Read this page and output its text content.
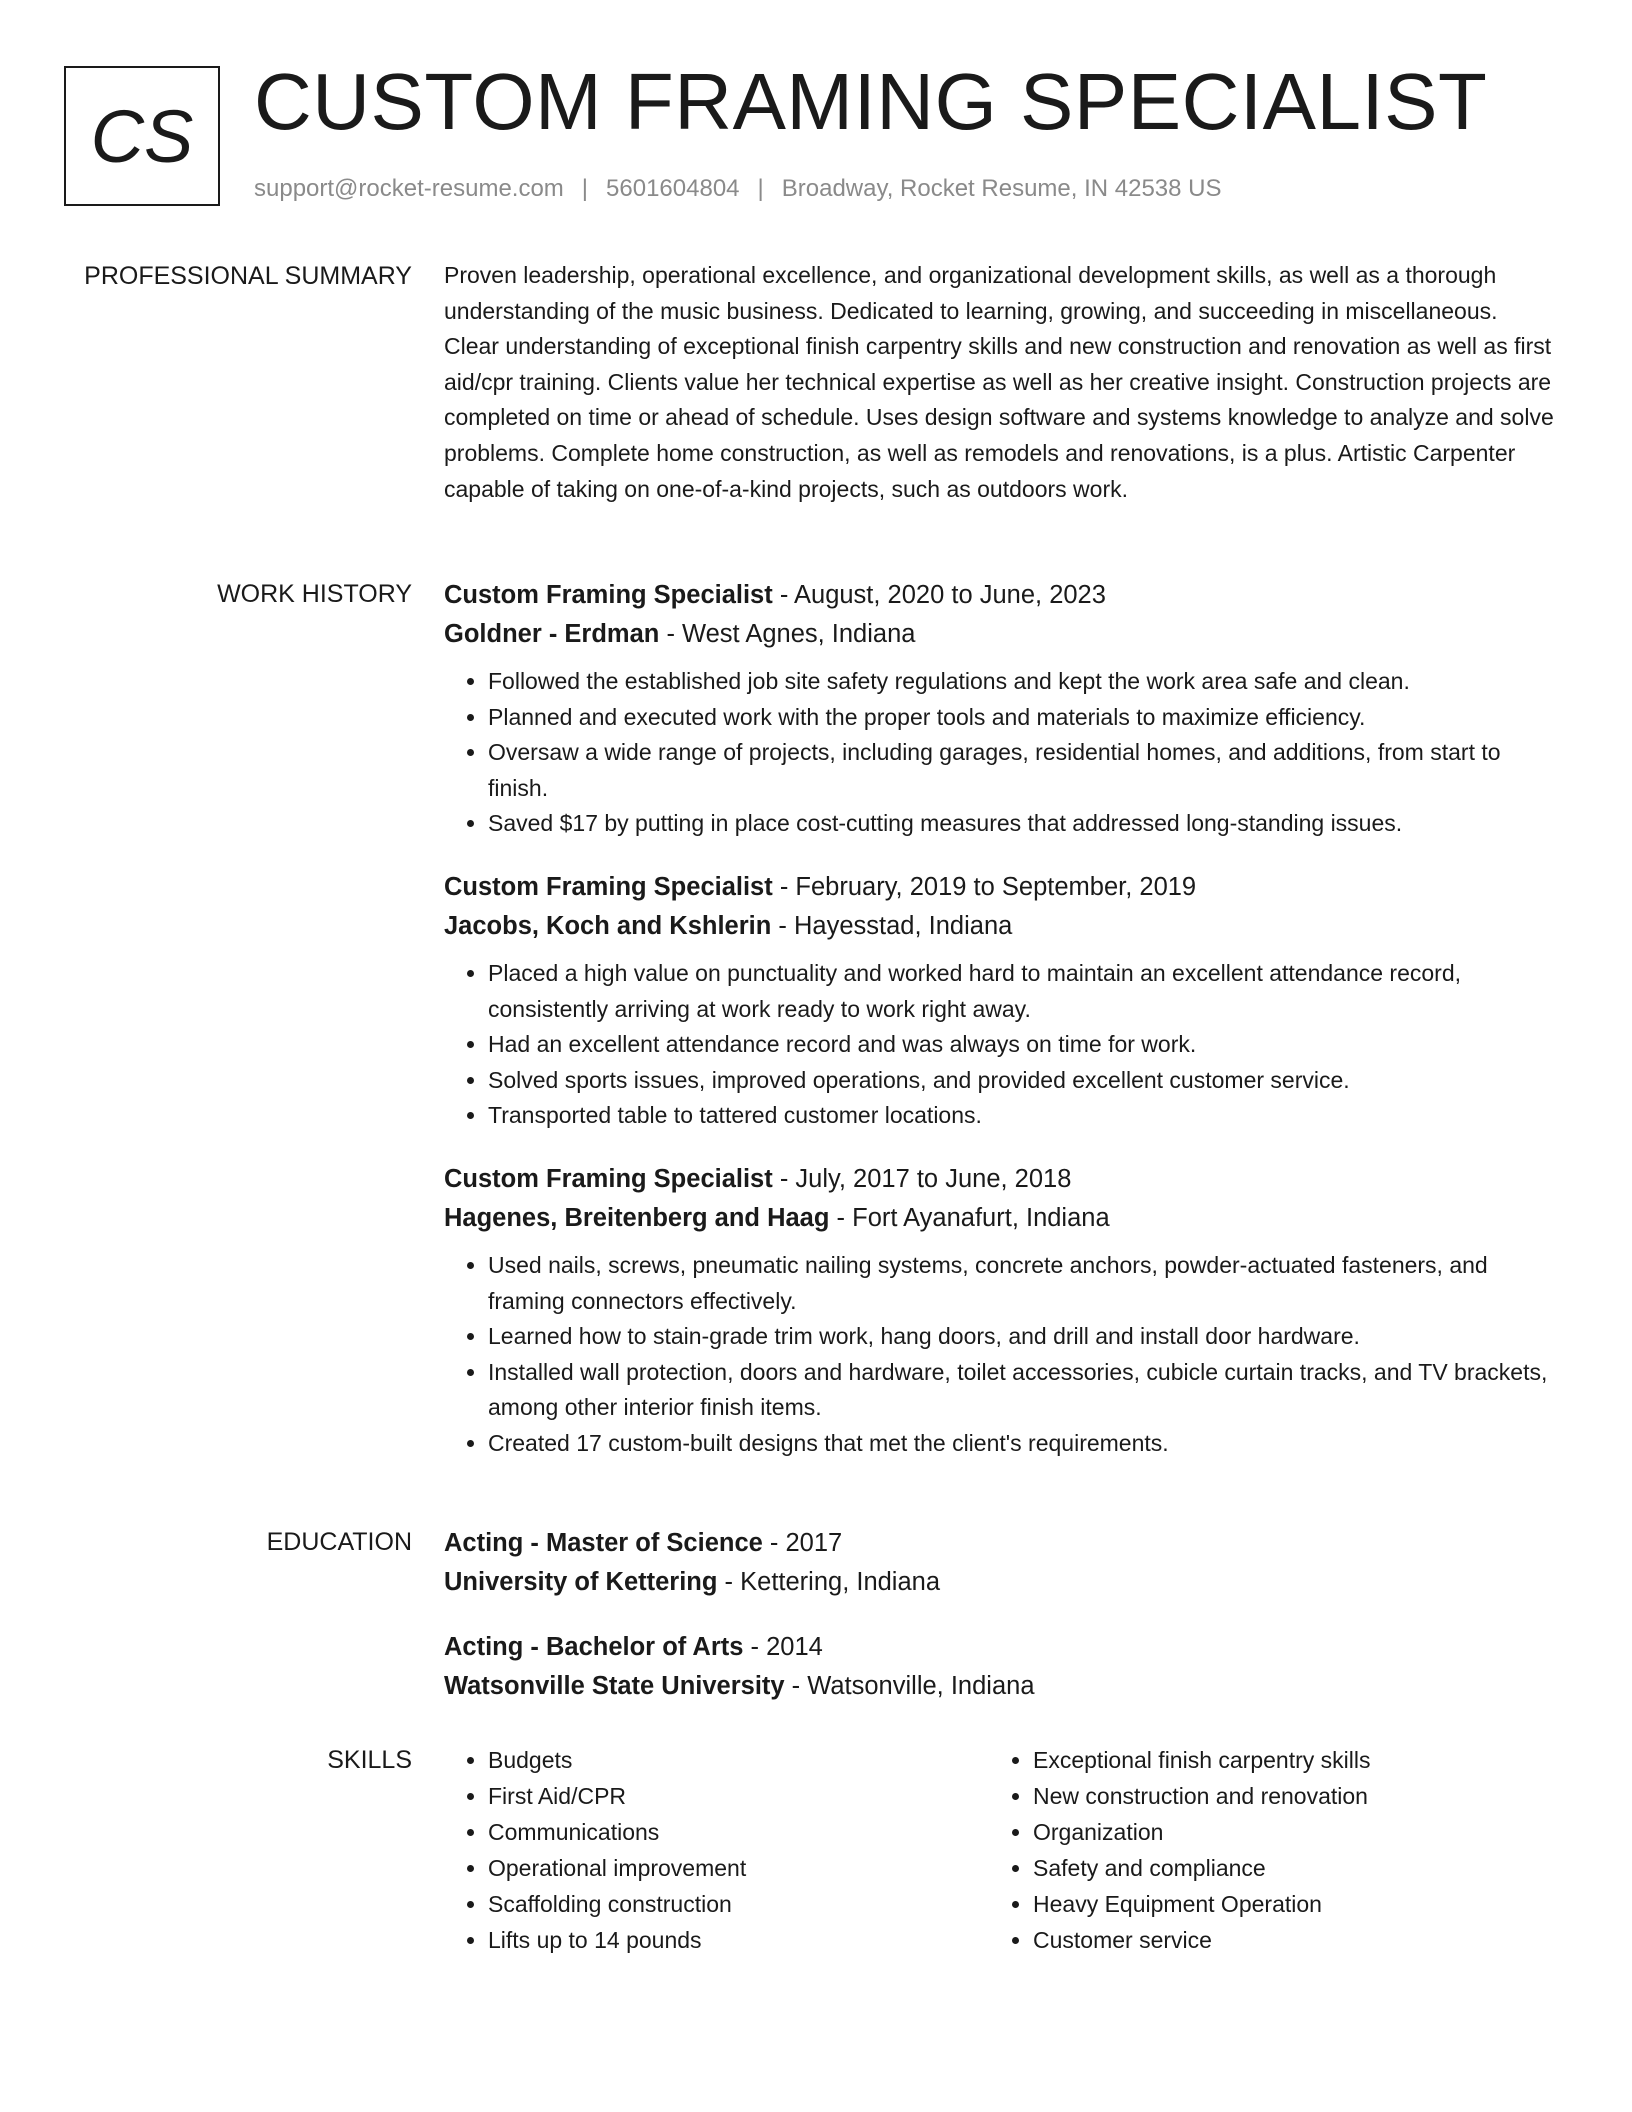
CS CUSTOM FRAMING SPECIALIST
support@rocket-resume.com | 5601604804 | Broadway, Rocket Resume, IN 42538 US
PROFESSIONAL SUMMARY Proven leadership, operational excellence, and organizational development skills, as well as a thorough understanding of the music business. Dedicated to learning, growing, and succeeding in miscellaneous. Clear understanding of exceptional finish carpentry skills and new construction and renovation as well as first aid/cpr training. Clients value her technical expertise as well as her creative insight. Construction projects are completed on time or ahead of schedule. Uses design software and systems knowledge to analyze and solve problems. Complete home construction, as well as remodels and renovations, is a plus. Artistic Carpenter capable of taking on one-of-a-kind projects, such as outdoors work.

WORK HISTORY Custom Framing Specialist - August, 2020 to June, 2023
Goldner - Erdman - West Agnes, Indiana
• Followed the established job site safety regulations and kept the work area safe and clean.
• Planned and executed work with the proper tools and materials to maximize efficiency.
• Oversaw a wide range of projects, including garages, residential homes, and additions, from start to finish.
• Saved $17 by putting in place cost-cutting measures that addressed long-standing issues.
Custom Framing Specialist - February, 2019 to September, 2019
Jacobs, Koch and Kshlerin - Hayesstad, Indiana
• Placed a high value on punctuality and worked hard to maintain an excellent attendance record, consistently arriving at work ready to work right away.
• Had an excellent attendance record and was always on time for work.
• Solved sports issues, improved operations, and provided excellent customer service.
• Transported table to tattered customer locations.
Custom Framing Specialist - July, 2017 to June, 2018
Hagenes, Breitenberg and Haag - Fort Ayanafurt, Indiana
• Used nails, screws, pneumatic nailing systems, concrete anchors, powder-actuated fasteners, and framing connectors effectively.
• Learned how to stain-grade trim work, hang doors, and drill and install door hardware.
• Installed wall protection, doors and hardware, toilet accessories, cubicle curtain tracks, and TV brackets, among other interior finish items.
• Created 17 custom-built designs that met the client's requirements.
EDUCATION Acting - Master of Science - 2017
University of Kettering - Kettering, Indiana
Acting - Bachelor of Arts - 2014
Watsonville State University - Watsonville, Indiana
SKILLS
•	Budgets
• First Aid/CPR
• Communications
• Operational improvement
• Scaffolding construction
• Lifts up to 14 pounds
• Exceptional finish carpentry skills
• New construction and renovation
• Organization
• Safety and compliance
• Heavy Equipment Operation
• Customer service
